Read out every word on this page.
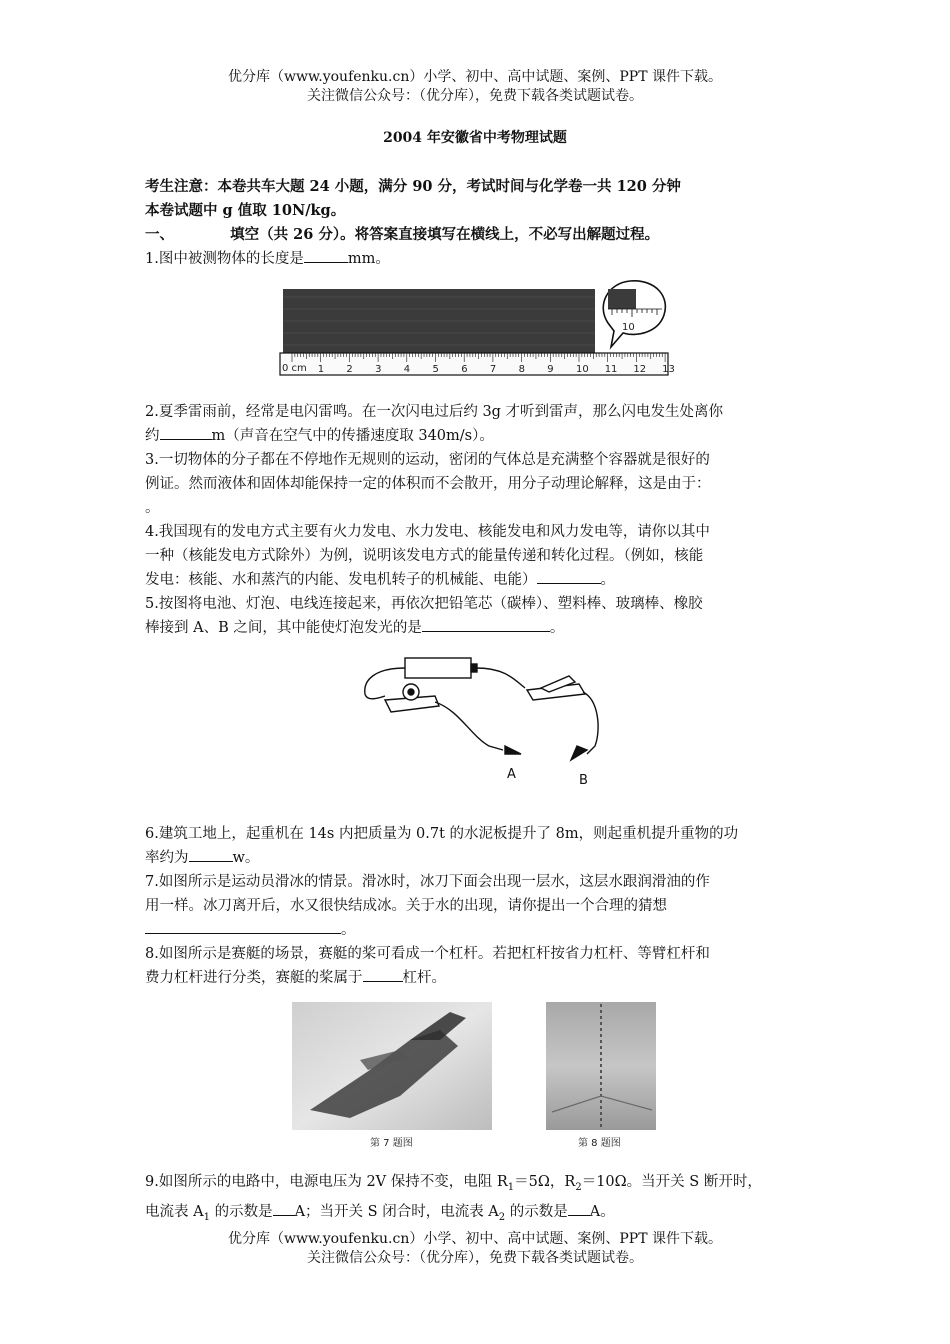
优分库（www.youfenku.cn）小学、初中、高中试题、案例、PPT 课件下载。
关注微信公众号：（优分库），免费下载各类试题试卷。
2004 年安徽省中考物理试题
考生注意：本卷共车大题 24 小题，满分 90 分，考试时间与化学卷一共 120 分钟
本卷试题中 g 值取 10N/kg。
一、	填空（共 26 分）。将答案直接填写在横线上，不必写出解题过程。
1.图中被测物体的长度是	mm。
10
0 cm 1 2 3 4 5 6 7 8 9 10 11 12 13
2.夏季雷雨前，经常是电闪雷鸣。在一次闪电过后约 3g 才听到雷声，那么闪电发生处离你
约	m（声音在空气中的传播速度取 340m/s）。
3.一切物体的分子都在不停地作无规则的运动，密闭的气体总是充满整个容器就是很好的
例证。然而液体和固体却能保持一定的体积而不会散开，用分子动理论解释，这是由于：
。
4.我国现有的发电方式主要有火力发电、水力发电、核能发电和风力发电等，请你以其中
一种（核能发电方式除外）为例，说明该发电方式的能量传递和转化过程。（例如，核能
发电：核能、水和蒸汽的内能、发电机转子的机械能、电能）	。
5.按图将电池、灯泡、电线连接起来，再依次把铅笔芯（碳棒）、塑料棒、玻璃棒、橡胶
棒接到 A、B 之间，其中能使灯泡发光的是	。
A	B
6.建筑工地上，起重机在 14s 内把质量为 0.7t 的水泥板提升了 8m，则起重机提升重物的功
率约为	w。
7.如图所示是运动员滑冰的情景。滑冰时，冰刀下面会出现一层水，这层水跟润滑油的作
用一样。冰刀离开后，水又很快结成冰。关于水的出现，请你提出一个合理的猜想
。
8.如图所示是赛艇的场景，赛艇的桨可看成一个杠杆。若把杠杆按省力杠杆、等臂杠杆和
费力杠杆进行分类，赛艇的桨属于	杠杆。
第 7 题图	第 8 题图
9.如图所示的电路中，电源电压为 2V 保持不变，电阻 $R_1=5\Omega$，$R_2=10\Omega$。当开关 S 断开时，
电流表 $A_1$ 的示数是 A；当开关 S 闭合时，电流表 $A_2$ 的示数是 A。
优分库（www.youfenku.cn）小学、初中、高中试题、案例、PPT 课件下载。
关注微信公众号：（优分库），免费下载各类试题试卷。
